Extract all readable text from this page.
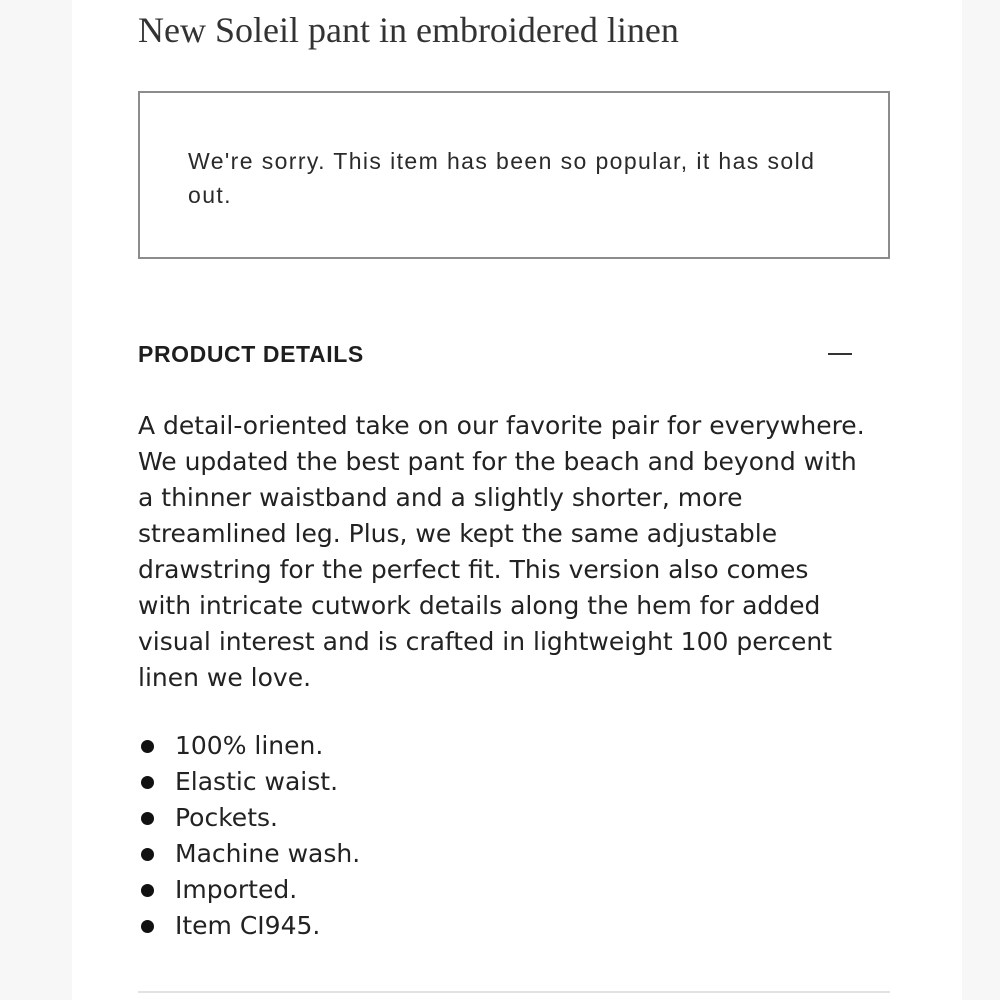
New Soleil pant in embroidered linen

We're sorry. This item has been so popular, it has sold out.

PRODUCT DETAILS

A detail-oriented take on our favorite pair for everywhere. We updated the best pant for the beach and beyond with a thinner waistband and a slightly shorter, more streamlined leg. Plus, we kept the same adjustable drawstring for the perfect fit. This version also comes with intricate cutwork details along the hem for added visual interest and is crafted in lightweight 100 percent linen we love.

100% linen.
Elastic waist.
Pockets.
Machine wash.
Imported.
Item CI945.
